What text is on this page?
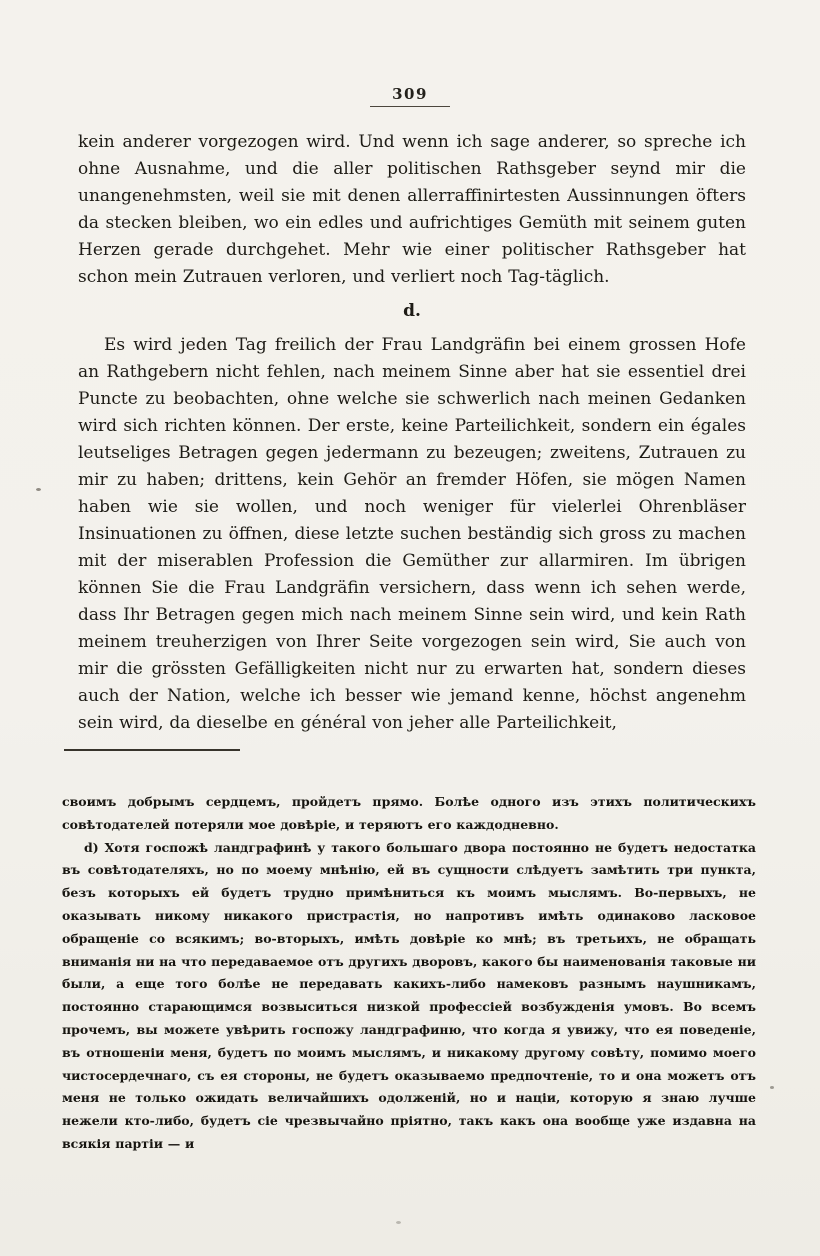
309

kein anderer vorgezogen wird. Und wenn ich sage anderer, so spreche ich ohne Ausnahme, und die aller politischen Rathsgeber seynd mir die unangenehmsten, weil sie mit denen allerraffinirtesten Aussinnungen öfters da stecken bleiben, wo ein edles und aufrichtiges Gemüth mit seinem guten Herzen gerade durchgehet. Mehr wie einer politischer Rathsgeber hat schon mein Zutrauen verloren, und verliert noch Tag-täglich.

d.

Es wird jeden Tag freilich der Frau Landgräfin bei einem grossen Hofe an Rathgebern nicht fehlen, nach meinem Sinne aber hat sie essentiel drei Puncte zu beobachten, ohne welche sie schwerlich nach meinen Gedanken wird sich richten können. Der erste, keine Parteilichkeit, sondern ein égales leutseliges Betragen gegen jedermann zu bezeugen; zweitens, Zutrauen zu mir zu haben; drittens, kein Gehör an fremder Höfen, sie mögen Namen haben wie sie wollen, und noch weniger für vielerlei Ohrenbläser Insinuationen zu öffnen, diese letzte suchen beständig sich gross zu machen mit der miserablen Profession die Gemüther zur allarmiren. Im übrigen können Sie die Frau Landgräfin versichern, dass wenn ich sehen werde, dass Ihr Betragen gegen mich nach meinem Sinne sein wird, und kein Rath meinem treuherzigen von Ihrer Seite vorgezogen sein wird, Sie auch von mir die grössten Gefälligkeiten nicht nur zu erwarten hat, sondern dieses auch der Nation, welche ich besser wie jemand kenne, höchst angenehm sein wird, da dieselbe en général von jeher alle Parteilichkeit,

своимъ добрымъ сердцемъ, пройдетъ прямо. Болѣе одного изъ этихъ политическихъ совѣтодателей потеряли мое довѣріе, и теряютъ его каждодневно.

d) Хотя госпожѣ ландграфинѣ у такого большаго двора постоянно не будетъ недостатка въ совѣтодателяхъ, но по моему мнѣнію, ей въ сущности слѣдуетъ замѣтить три пункта, безъ которыхъ ей будетъ трудно примѣниться къ моимъ мыслямъ. Во-первыхъ, не оказывать никому никакого пристрастія, но напротивъ имѣть одинаково ласковое обращеніе со всякимъ; во-вторыхъ, имѣть довѣріе ко мнѣ; въ третьихъ, не обращать вниманія ни на что передаваемое отъ другихъ дворовъ, какого бы наименованія таковые ни были, а еще того болѣе не передавать какихъ-либо намековъ разнымъ наушникамъ, постоянно старающимся возвыситься низкой профессіей возбужденія умовъ. Во всемъ прочемъ, вы можете увѣрить госпожу ландграфиню, что когда я увижу, что ея поведеніе, въ отношеніи меня, будетъ по моимъ мыслямъ, и никакому другому совѣту, помимо моего чистосердечнаго, съ ея стороны, не будетъ оказываемо предпочтеніе, то и она можетъ отъ меня не только ожидать величайшихъ одолженій, но и націи, которую я знаю лучше нежели кто-либо, будетъ сіе чрезвычайно пріятно, такъ какъ она вообще уже издавна на всякія партіи — и
